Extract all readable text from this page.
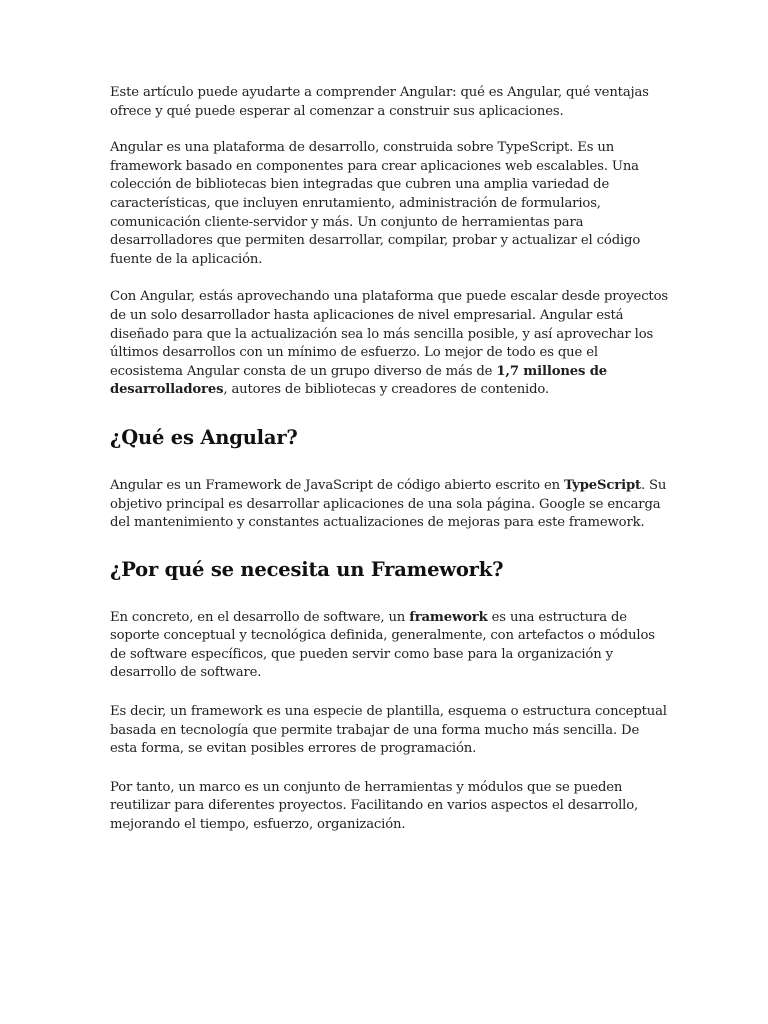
Este artículo puede ayudarte a comprender Angular: qué es Angular, qué ventajas ofrece y qué puede esperar al comenzar a construir sus aplicaciones.

Angular es una plataforma de desarrollo, construida sobre TypeScript. Es un framework basado en componentes para crear aplicaciones web escalables. Una colección de bibliotecas bien integradas que cubren una amplia variedad de características, que incluyen enrutamiento, administración de formularios, comunicación cliente-servidor y más. Un conjunto de herramientas para desarrolladores que permiten desarrollar, compilar, probar y actualizar el código fuente de la aplicación.

Con Angular, estás aprovechando una plataforma que puede escalar desde proyectos de un solo desarrollador hasta aplicaciones de nivel empresarial. Angular está diseñado para que la actualización sea lo más sencilla posible, y así aprovechar los últimos desarrollos con un mínimo de esfuerzo. Lo mejor de todo es que el ecosistema Angular consta de un grupo diverso de más de 1,7 millones de desarrolladores, autores de bibliotecas y creadores de contenido.

¿Qué es Angular?

Angular es un Framework de JavaScript de código abierto escrito en TypeScript. Su objetivo principal es desarrollar aplicaciones de una sola página. Google se encarga del mantenimiento y constantes actualizaciones de mejoras para este framework.

¿Por qué se necesita un Framework?

En concreto, en el desarrollo de software, un framework es una estructura de soporte conceptual y tecnológica definida, generalmente, con artefactos o módulos de software específicos, que pueden servir como base para la organización y desarrollo de software.

Es decir, un framework es una especie de plantilla, esquema o estructura conceptual basada en tecnología que permite trabajar de una forma mucho más sencilla. De esta forma, se evitan posibles errores de programación.

Por tanto, un marco es un conjunto de herramientas y módulos que se pueden reutilizar para diferentes proyectos. Facilitando en varios aspectos el desarrollo, mejorando el tiempo, esfuerzo, organización.
